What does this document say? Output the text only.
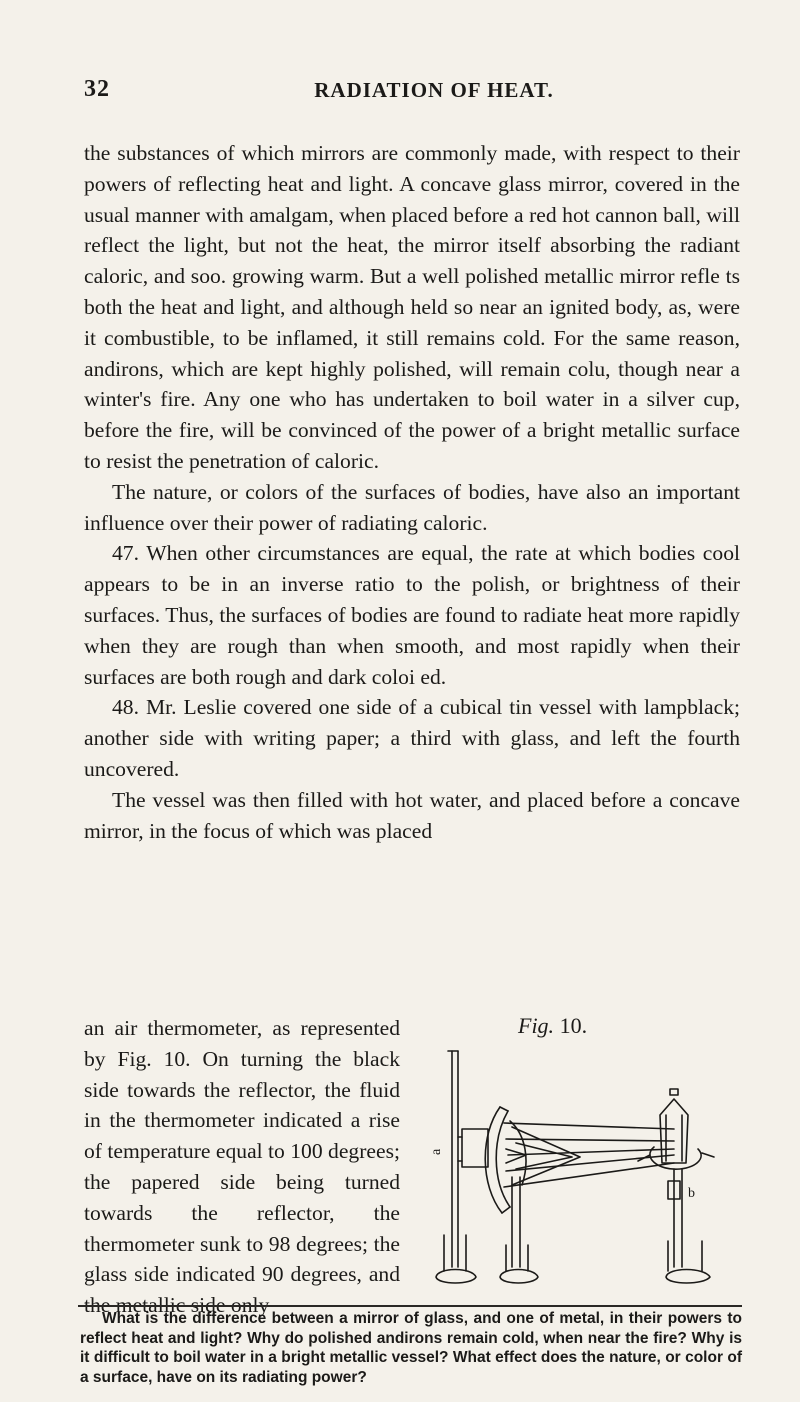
32	RADIATION OF HEAT.

the substances of which mirrors are commonly made, with respect to their powers of reflecting heat and light. A concave glass mirror, covered in the usual manner with amalgam, when placed before a red hot cannon ball, will reflect the light, but not the heat, the mirror itself absorbing the radiant caloric, and soo. growing warm. But a well polished metallic mirror refle ts both the heat and light, and although held so near an ignited body, as, were it combustible, to be inflamed, it still remains cold. For the same reason, andirons, which are kept highly polished, will remain colu, though near a winter's fire. Any one who has undertaken to boil water in a silver cup, before the fire, will be convinced of the power of a bright metallic surface to resist the penetration of caloric.

The nature, or colors of the surfaces of bodies, have also an important influence over their power of radiating caloric.

47. When other circumstances are equal, the rate at which bodies cool appears to be in an inverse ratio to the polish, or brightness of their surfaces. Thus, the surfaces of bodies are found to radiate heat more rapidly when they are rough than when smooth, and most rapidly when their surfaces are both rough and dark coloi ed.

48. Mr. Leslie covered one side of a cubical tin vessel with lampblack; another side with writing paper; a third with glass, and left the fourth uncovered.

The vessel was then filled with hot water, and placed before a concave mirror, in the focus of which was placed

an air thermometer, as represented by Fig. 10. On turning the black side towards the reflector, the fluid in the thermometer indicated a rise of temperature equal to 100 degrees; the papered side being turned towards the reflector, the thermometer sunk to 98 degrees; the glass side indicated 90 degrees, and the metallic side only

Fig. 10.
a
b

What is the difference between a mirror of glass, and one of metal, in their powers to reflect heat and light? Why do polished andirons remain cold, when near the fire? Why is it difficult to boil water in a bright metallic vessel? What effect does the nature, or color of a surface, have on its radiating power?
